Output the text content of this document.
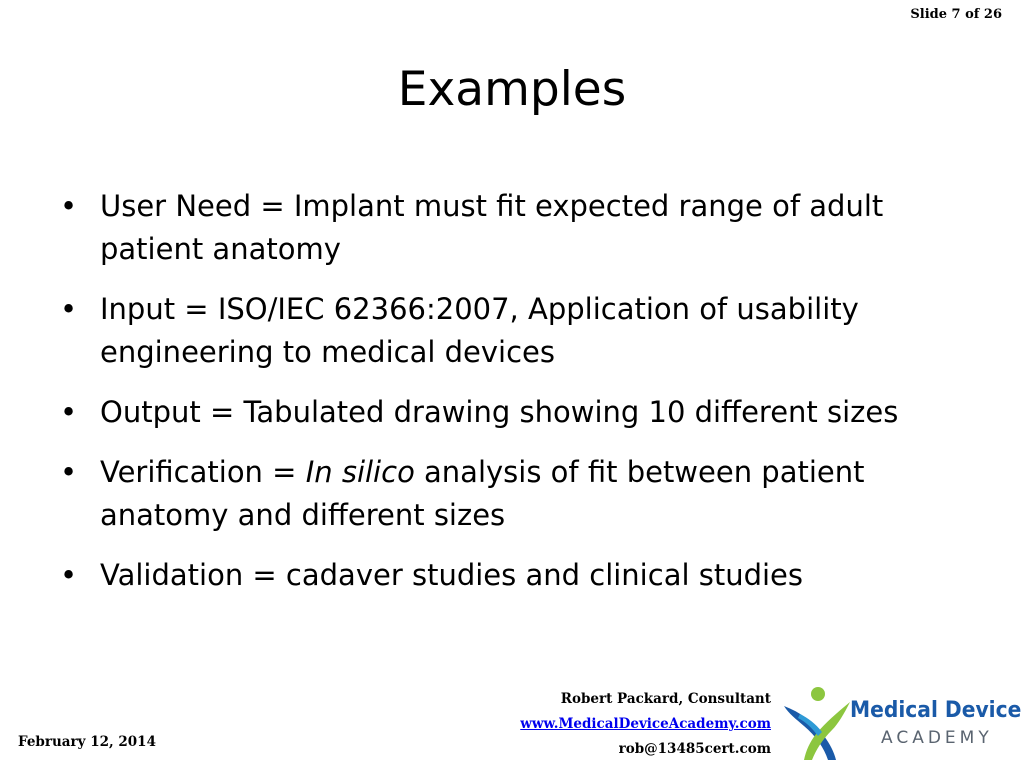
Slide 7 of 26
Examples
• User Need = Implant must fit expected range of adult patient anatomy
• Input = ISO/IEC 62366:2007, Application of usability engineering to medical devices
• Output = Tabulated drawing showing 10 different sizes
• Verification = In silico analysis of fit between patient anatomy and different sizes
• Validation = cadaver studies and clinical studies
Robert Packard, Consultant
www.MedicalDeviceAcademy.com
rob@13485cert.com
February 12, 2014
Medical Device
ACADEMY
